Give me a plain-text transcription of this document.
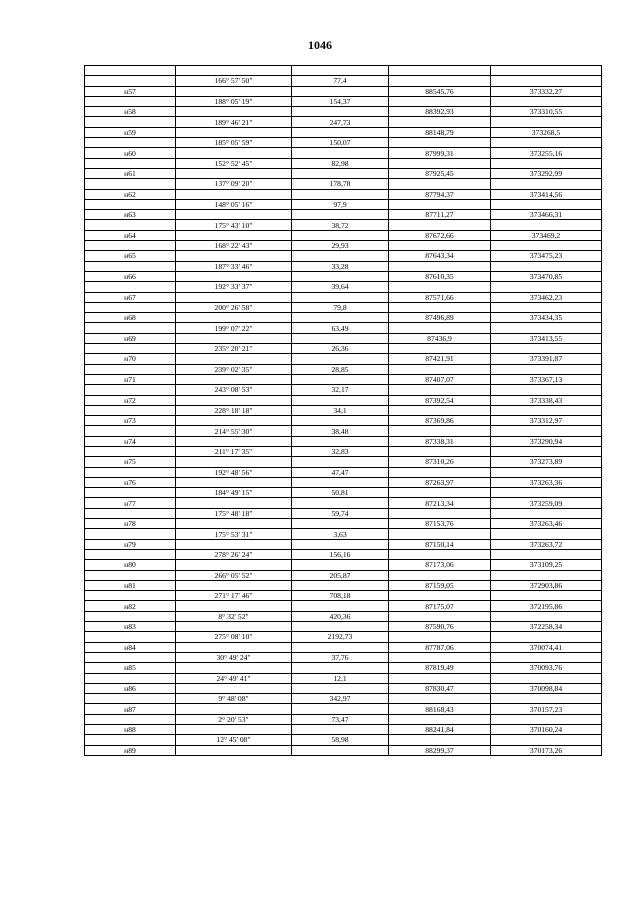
1046

	166° 57' 50"	77,4		
н57			88545,76	373332,27
	188° 05' 19"	154,37		
н58			88392,93	373310,55
	189° 46' 21"	247,73		
н59			88148,79	373268,5
	185° 05' 59"	150,07		
н60			87999,31	373255,16
	152° 52' 45"	82,98		
н61			87925,45	373292,99
	137° 09' 20"	178,78		
н62			87794,37	373414,56
	148° 05' 16"	97,9		
н63			87711,27	373466,31
	175° 43' 10"	38,72		
н64			87672,66	373469,2
	168° 22' 43"	29,93		
н65			87643,34	373475,23
	187° 33' 46"	33,28		
н66			87610,35	373470,85
	192° 33' 37"	39,64		
н67			87571,66	373462,23
	200° 26' 58"	79,8		
н68			87496,89	373434,35
	199° 07' 22"	63,49		
н69			87436,9	373413,55
	235° 20' 21"	26,36		
н70			87421,91	373391,87
	239° 02' 35"	28,85		
н71			87407,07	373367,13
	243° 08' 53"	32,17		
н72			87392,54	373338,43
	228° 18' 18"	34,1		
н73			87369,86	373312,97
	214° 55' 30"	38,48		
н74			87338,31	373290,94
	211° 17' 35"	32,83		
н75			87310,26	373273,89
	192° 48' 56"	47,47		
н76			87263,97	373263,36
	184° 49' 15"	50,81		
н77			87213,34	373259,09
	175° 48' 18"	59,74		
н78			87153,76	373263,46
	175° 53' 31"	3,63		
н79			87150,14	373263,72
	278° 26' 24"	156,16		
н80			87173,06	373109,25
	266° 05' 52"	205,87		
н81			87159,05	372903,86
	271° 17' 46"	708,18		
н82			87175,07	372195,86
	8° 32' 52"	420,36		
н83			87590,76	372258,34
	275° 08' 10"	2192,73		
н84			87787,06	370074,41
	30° 49' 24"	37,76		
н85			87819,49	370093,76
	24° 49' 41"	12,1		
н86			87830,47	370098,84
	9° 48' 08"	342,97		
н87			88168,43	370157,23
	2° 20' 53"	73,47		
н88			88241,84	370160,24
	12° 45' 08"	58,98		
н89			88299,37	370173,26
